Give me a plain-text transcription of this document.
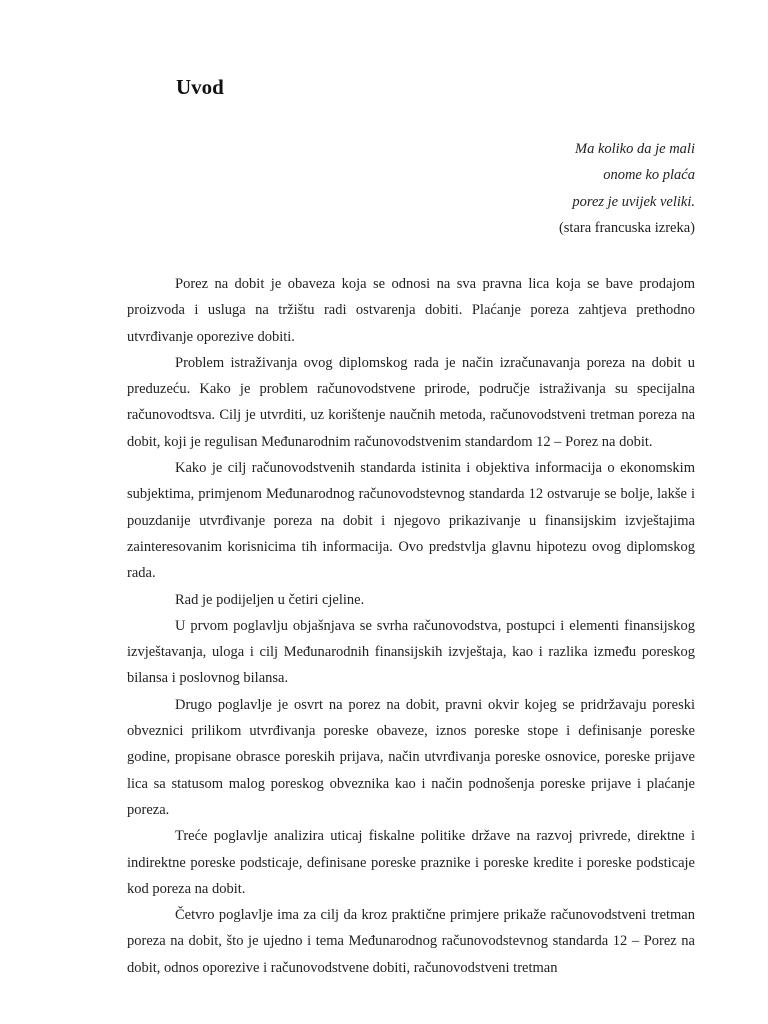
Uvod
Ma koliko da je mali
onome ko plaća
porez je uvijek veliki.
(stara francuska izreka)

Porez na dobit je obaveza koja se odnosi na sva pravna lica koja se bave prodajom proizvoda i usluga na tržištu radi ostvarenja dobiti. Plaćanje poreza zahtjeva prethodno utvrđivanje oporezive dobiti.

Problem istraživanja ovog diplomskog rada je način izračunavanja poreza na dobit u preduzeću. Kako je problem računovodstvene prirode, područje istraživanja su specijalna računovodtsva. Cilj je utvrditi, uz korištenje naučnih metoda, računovodstveni tretman poreza na dobit, koji je regulisan Međunarodnim računovodstvenim standardom 12 – Porez na dobit.

Kako je cilj računovodstvenih standarda istinita i objektiva informacija o ekonomskim subjektima, primjenom Međunarodnog računovodstevnog standarda 12 ostvaruje se bolje, lakše i pouzdanije utvrđivanje poreza na dobit i njegovo prikazivanje u finansijskim izvještajima zainteresovanim korisnicima tih informacija. Ovo predstvlja glavnu hipotezu ovog diplomskog rada.

Rad je podijeljen u četiri cjeline.

U prvom poglavlju objašnjava se svrha računovodstva, postupci i elementi finansijskog izvještavanja, uloga i cilj Međunarodnih finansijskih izvještaja, kao i razlika između poreskog bilansa i poslovnog bilansa.

Drugo poglavlje je osvrt na porez na dobit, pravni okvir kojeg se pridržavaju poreski obveznici prilikom utvrđivanja poreske obaveze, iznos poreske stope i definisanje poreske godine, propisane obrasce poreskih prijava, način utvrđivanja poreske osnovice, poreske prijave lica sa statusom malog poreskog obveznika kao i način podnošenja poreske prijave i plaćanje poreza.

Treće poglavlje analizira uticaj fiskalne politike države na razvoj privrede, direktne i indirektne poreske podsticaje, definisane poreske praznike i poreske kredite i poreske podsticaje kod poreza na dobit.

Četvro poglavlje ima za cilj da kroz praktične primjere prikaže računovodstveni tretman poreza na dobit, što je ujedno i tema Međunarodnog računovodstevnog standarda 12 – Porez na dobit, odnos oporezive i računovodstvene dobiti, računovodstveni tretman
